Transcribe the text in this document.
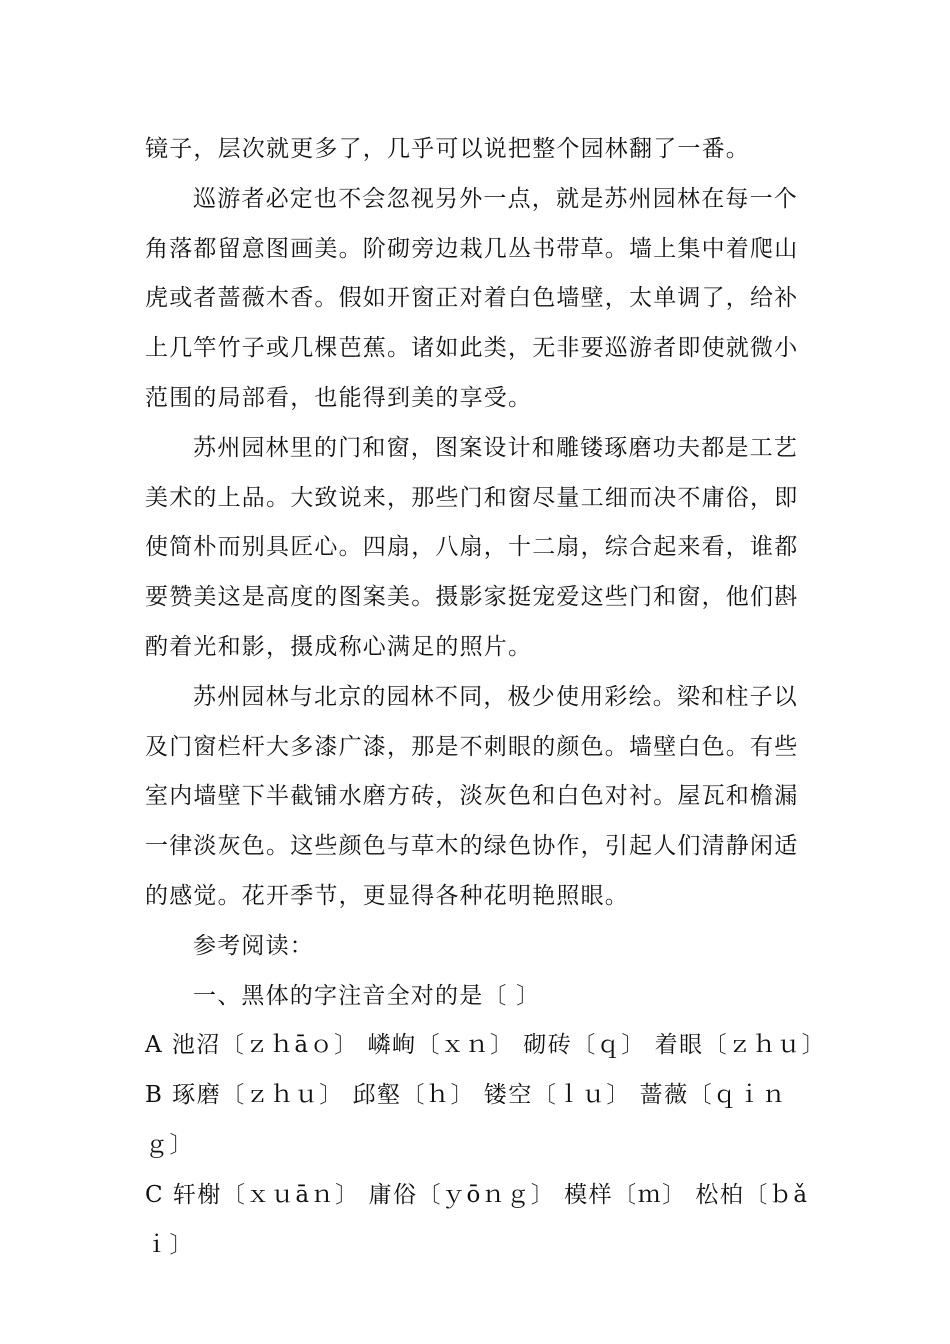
镜子，层次就更多了，几乎可以说把整个园林翻了一番。

巡游者必定也不会忽视另外一点，就是苏州园林在每一个角落都留意图画美。阶砌旁边栽几丛书带草。墙上集中着爬山虎或者蔷薇木香。假如开窗正对着白色墙壁，太单调了，给补上几竿竹子或几棵芭蕉。诸如此类，无非要巡游者即使就微小范围的局部看，也能得到美的享受。

苏州园林里的门和窗，图案设计和雕镂琢磨功夫都是工艺美术的上品。大致说来，那些门和窗尽量工细而决不庸俗，即使简朴而别具匠心。四扇，八扇，十二扇，综合起来看，谁都要赞美这是高度的图案美。摄影家挺宠爱这些门和窗，他们斟酌着光和影，摄成称心满足的照片。

苏州园林与北京的园林不同，极少使用彩绘。梁和柱子以及门窗栏杆大多漆广漆，那是不刺眼的颜色。墙壁白色。有些室内墙壁下半截铺水磨方砖，淡灰色和白色对衬。屋瓦和檐漏一律淡灰色。这些颜色与草木的绿色协作，引起人们清静闲适的感觉。花开季节，更显得各种花明艳照眼。

参考阅读：

一、黑体的字注音全对的是〔 〕

A 池沼〔ｚｈāｏ〕 嶙峋〔ｘｎ〕 砌砖〔ｑ〕 着眼〔ｚｈｕ〕

B 琢磨〔ｚｈｕ〕 邱壑〔ｈ〕 镂空〔ｌｕ〕 蔷薇〔ｑｉｎｇ〕

C 轩榭〔ｘｕāｎ〕 庸俗〔ｙōｎｇ〕 模样〔ｍ〕 松柏〔ｂǎｉ〕
